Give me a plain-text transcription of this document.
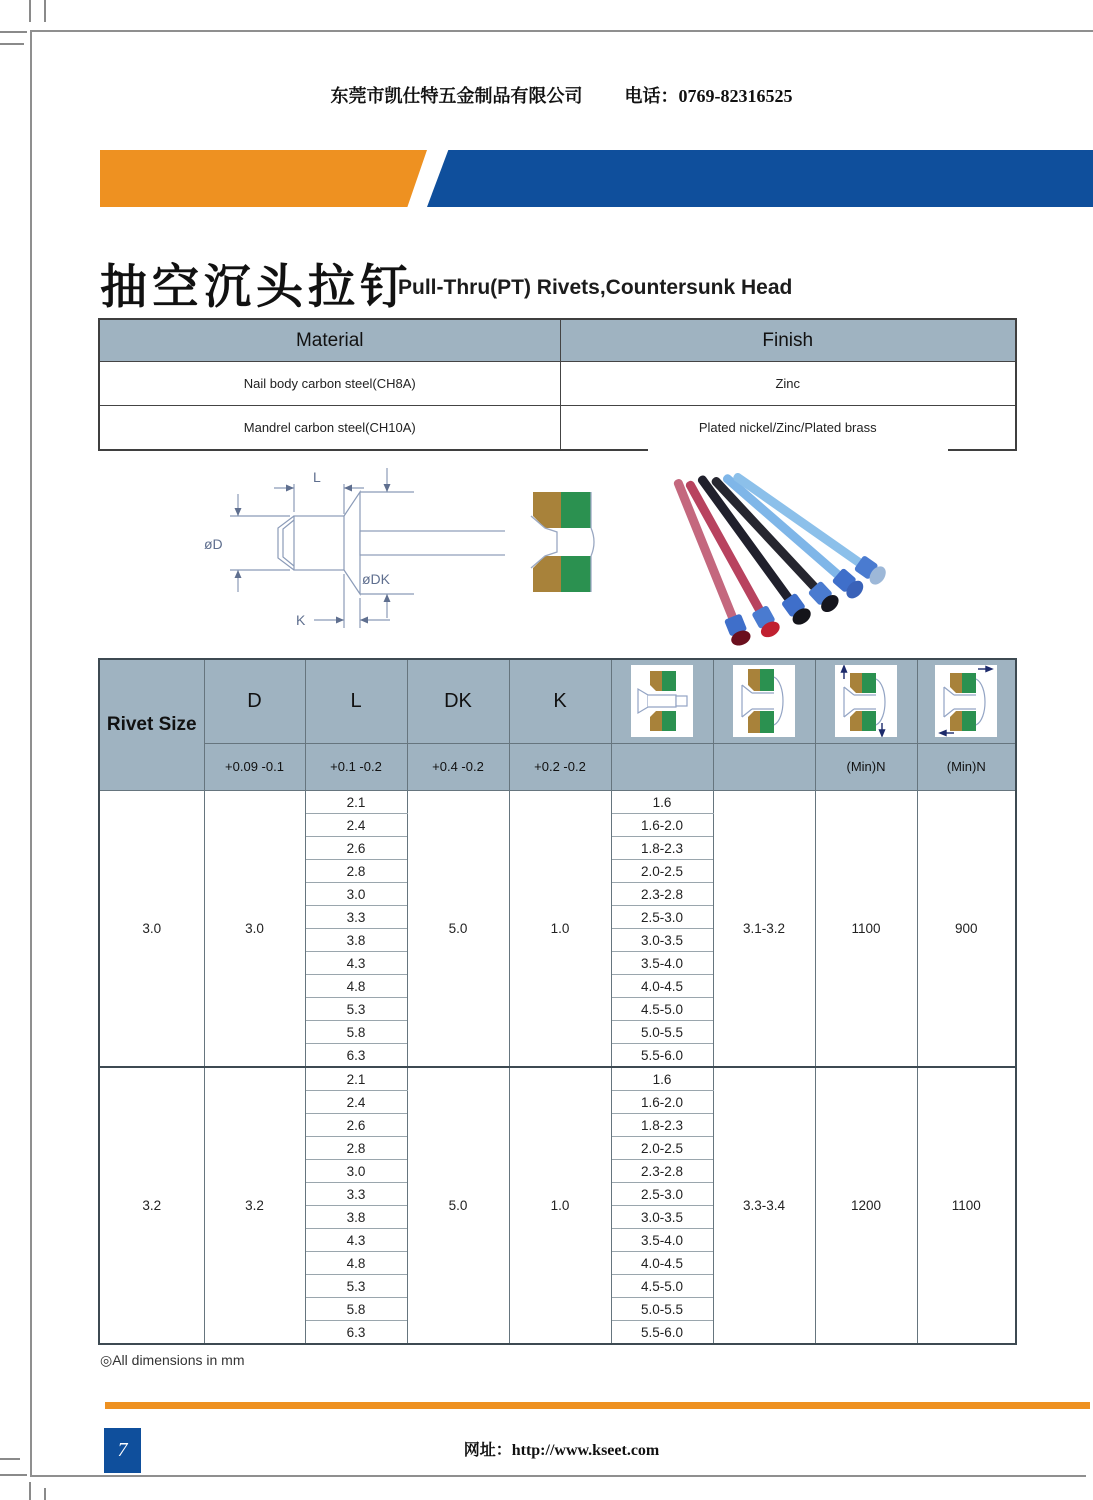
东莞市凯仕特五金制品有限公司 电话：0769-82316525
抽空沉头拉钉
Pull-Thru(PT) Rivets,Countersunk Head
Material	Finish
Nail body carbon steel(CH8A)	Zinc
Mandrel carbon steel(CH10A)	Plated nickel/Zinc/Plated brass
L
øD
øDK
K
Rivet Size	D	L	DK	K	

	+0.09 -0.1	+0.1 -0.2	+0.4 -0.2	+0.2 -0.2			(Min)N	(Min)N
3.0	3.0	2.1	5.0	1.0	1.6	3.1-3.2	1100	900
		2.4			1.6-2.0			
		2.6			1.8-2.3			
		2.8			2.0-2.5			
		3.0			2.3-2.8			
		3.3			2.5-3.0			
		3.8			3.0-3.5			
		4.3			3.5-4.0			
		4.8			4.0-4.5			
		5.3			4.5-5.0			
		5.8			5.0-5.5			
		6.3			5.5-6.0			
3.2	3.2	2.1	5.0	1.0	1.6	3.3-3.4	1200	1100
		2.4			1.6-2.0			
		2.6			1.8-2.3			
		2.8			2.0-2.5			
		3.0			2.3-2.8			
		3.3			2.5-3.0			
		3.8			3.0-3.5			
		4.3			3.5-4.0			
		4.8			4.0-4.5			
		5.3			4.5-5.0			
		5.8			5.0-5.5			
		6.3			5.5-6.0			
◎All dimensions in mm
7	网址：http://www.kseet.com
